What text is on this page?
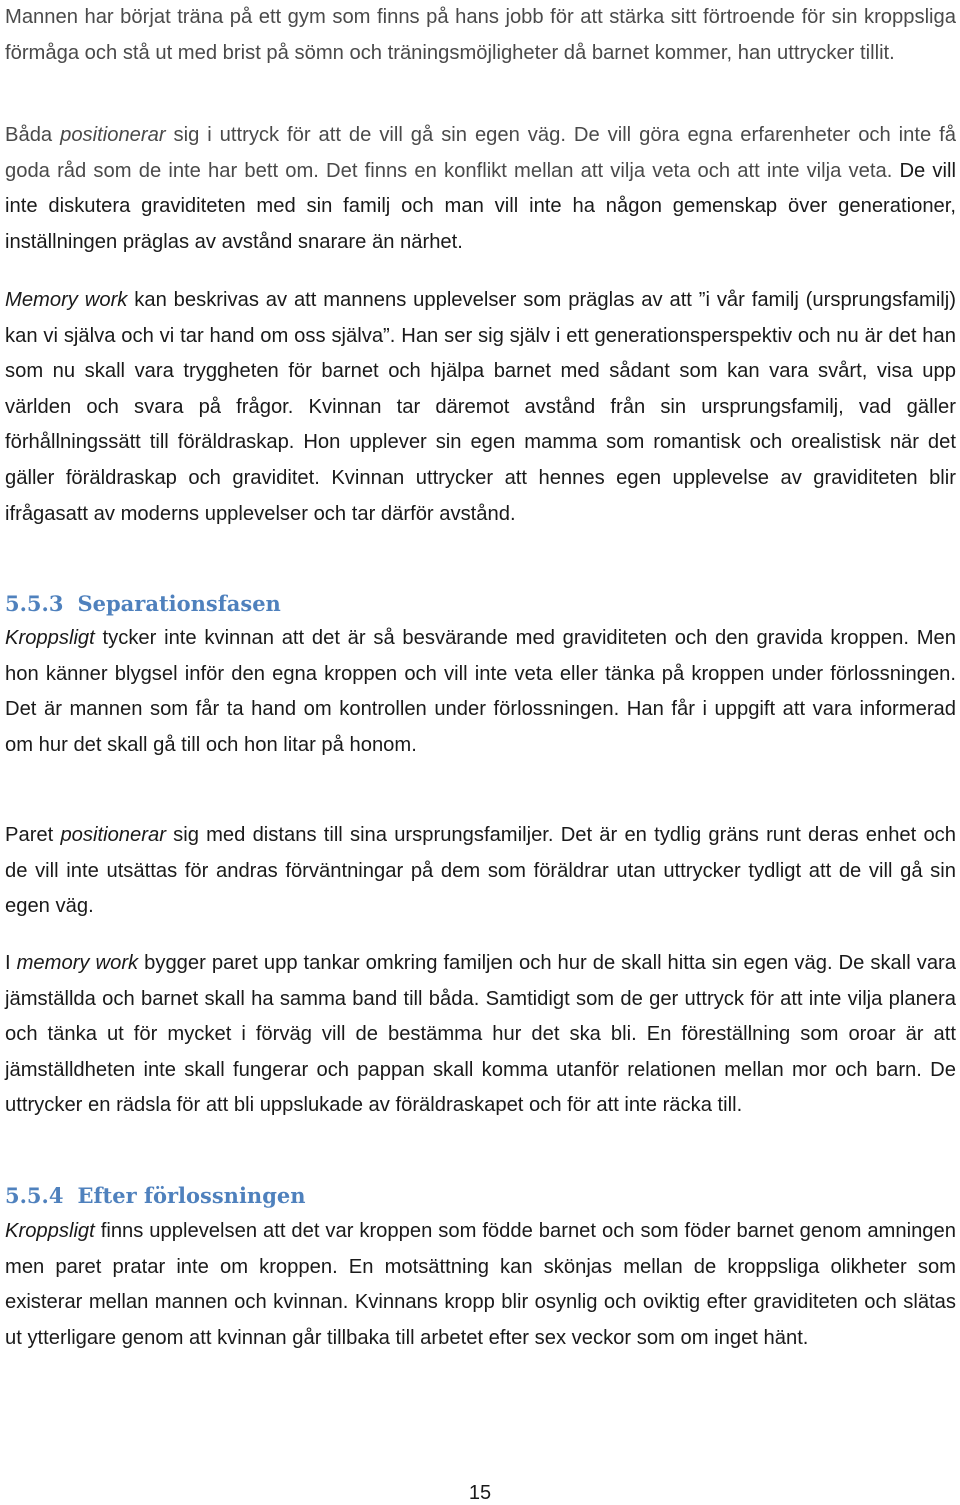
Mannen har börjat träna på ett gym som finns på hans jobb för att stärka sitt förtroende för sin kroppsliga förmåga och stå ut med brist på sömn och träningsmöjligheter då barnet kommer, han uttrycker tillit.

Båda positionerar sig i uttryck för att de vill gå sin egen väg. De vill göra egna erfarenheter och inte få goda råd som de inte har bett om. Det finns en konflikt mellan att vilja veta och att inte vilja veta. De vill inte diskutera graviditeten med sin familj och man vill inte ha någon gemenskap över generationer, inställningen präglas av avstånd snarare än närhet.

Memory work kan beskrivas av att mannens upplevelser som präglas av att ”i vår familj (ursprungsfamilj) kan vi själva och vi tar hand om oss själva”. Han ser sig själv i ett generationsperspektiv och nu är det han som nu skall vara tryggheten för barnet och hjälpa barnet med sådant som kan vara svårt, visa upp världen och svara på frågor. Kvinnan tar däremot avstånd från sin ursprungsfamilj, vad gäller förhållningssätt till föräldraskap. Hon upplever sin egen mamma som romantisk och orealistisk när det gäller föräldraskap och graviditet. Kvinnan uttrycker att hennes egen upplevelse av graviditeten blir ifrågasatt av moderns upplevelser och tar därför avstånd.

5.5.3 Separationsfasen

Kroppsligt tycker inte kvinnan att det är så besvärande med graviditeten och den gravida kroppen. Men hon känner blygsel inför den egna kroppen och vill inte veta eller tänka på kroppen under förlossningen. Det är mannen som får ta hand om kontrollen under förlossningen. Han får i uppgift att vara informerad om hur det skall gå till och hon litar på honom.

Paret positionerar sig med distans till sina ursprungsfamiljer. Det är en tydlig gräns runt deras enhet och de vill inte utsättas för andras förväntningar på dem som föräldrar utan uttrycker tydligt att de vill gå sin egen väg.

I memory work bygger paret upp tankar omkring familjen och hur de skall hitta sin egen väg. De skall vara jämställda och barnet skall ha samma band till båda. Samtidigt som de ger uttryck för att inte vilja planera och tänka ut för mycket i förväg vill de bestämma hur det ska bli. En föreställning som oroar är att jämställdheten inte skall fungerar och pappan skall komma utanför relationen mellan mor och barn. De uttrycker en rädsla för att bli uppslukade av föräldraskapet och för att inte räcka till.

5.5.4 Efter förlossningen

Kroppsligt finns upplevelsen att det var kroppen som födde barnet och som föder barnet genom amningen men paret pratar inte om kroppen. En motsättning kan skönjas mellan de kroppsliga olikheter som existerar mellan mannen och kvinnan. Kvinnans kropp blir osynlig och oviktig efter graviditeten och slätas ut ytterligare genom att kvinnan går tillbaka till arbetet efter sex veckor som om inget hänt.

15
